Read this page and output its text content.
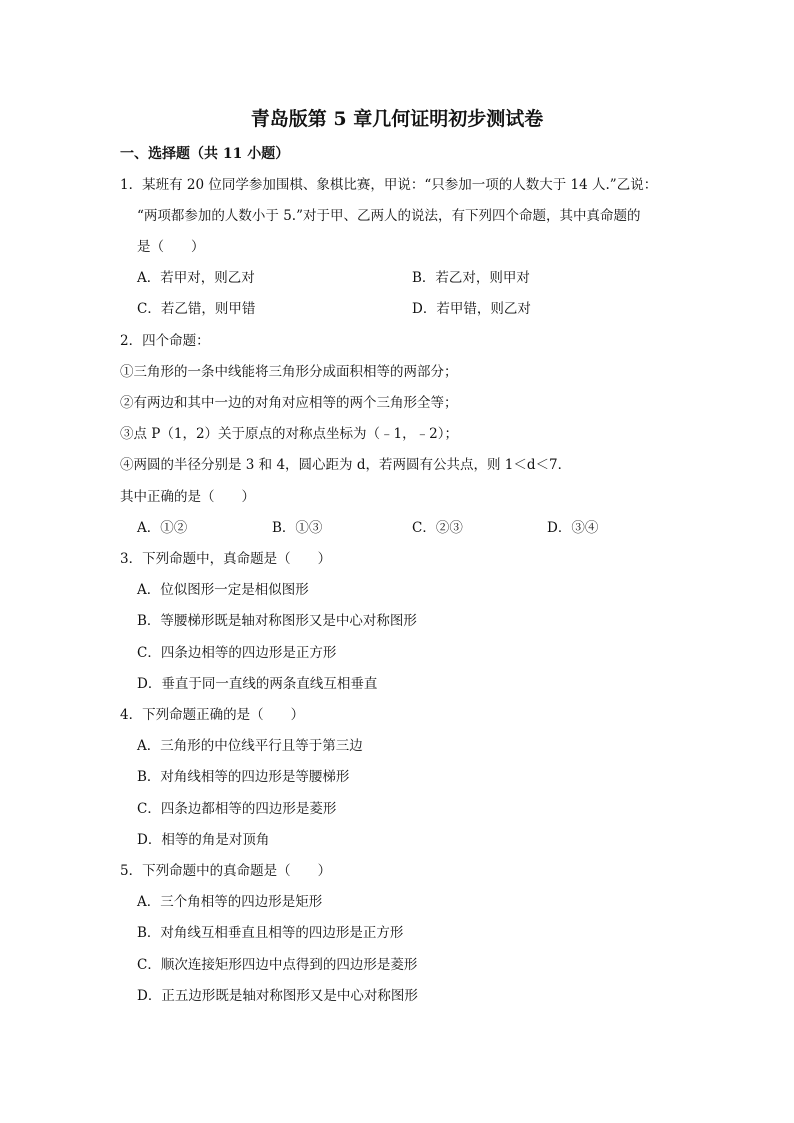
青岛版第 5 章几何证明初步测试卷
一、选择题（共 11 小题）
1．某班有 20 位同学参加围棋、象棋比赛，甲说：“只参加一项的人数大于 14 人.”乙说：
“两项都参加的人数小于 5.”对于甲、乙两人的说法，有下列四个命题，其中真命题的
是（　　）
A．若甲对，则乙对	B．若乙对，则甲对
C．若乙错，则甲错	D．若甲错，则乙对
2．四个命题：
①三角形的一条中线能将三角形分成面积相等的两部分；
②有两边和其中一边的对角对应相等的两个三角形全等；
③点 P（1，2）关于原点的对称点坐标为（﹣1，﹣2）；
④两圆的半径分别是 3 和 4，圆心距为 d，若两圆有公共点，则 1＜d＜7．
其中正确的是（　　）
A．①②	B．①③	C．②③	D．③④
3．下列命题中，真命题是（　　）
A．位似图形一定是相似图形
B．等腰梯形既是轴对称图形又是中心对称图形
C．四条边相等的四边形是正方形
D．垂直于同一直线的两条直线互相垂直
4．下列命题正确的是（　　）
A．三角形的中位线平行且等于第三边
B．对角线相等的四边形是等腰梯形
C．四条边都相等的四边形是菱形
D．相等的角是对顶角
5．下列命题中的真命题是（　　）
A．三个角相等的四边形是矩形
B．对角线互相垂直且相等的四边形是正方形
C．顺次连接矩形四边中点得到的四边形是菱形
D．正五边形既是轴对称图形又是中心对称图形
